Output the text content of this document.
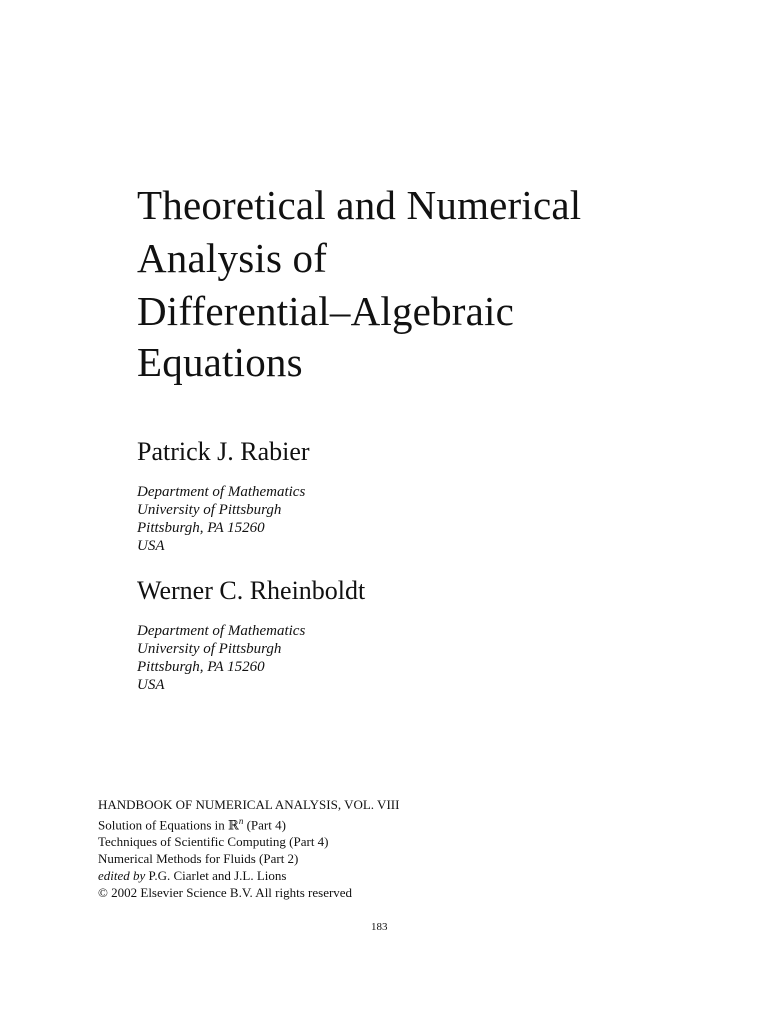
Theoretical and Numerical
Analysis of
Differential–Algebraic
Equations
Patrick J. Rabier
Department of Mathematics
University of Pittsburgh
Pittsburgh, PA 15260
USA
Werner C. Rheinboldt
Department of Mathematics
University of Pittsburgh
Pittsburgh, PA 15260
USA
HANDBOOK OF NUMERICAL ANALYSIS, VOL. VIII
Solution of Equations in ℝ$^n$ (Part 4)
Techniques of Scientific Computing (Part 4)
Numerical Methods for Fluids (Part 2)
edited by P.G. Ciarlet and J.L. Lions
© 2002 Elsevier Science B.V. All rights reserved
183
